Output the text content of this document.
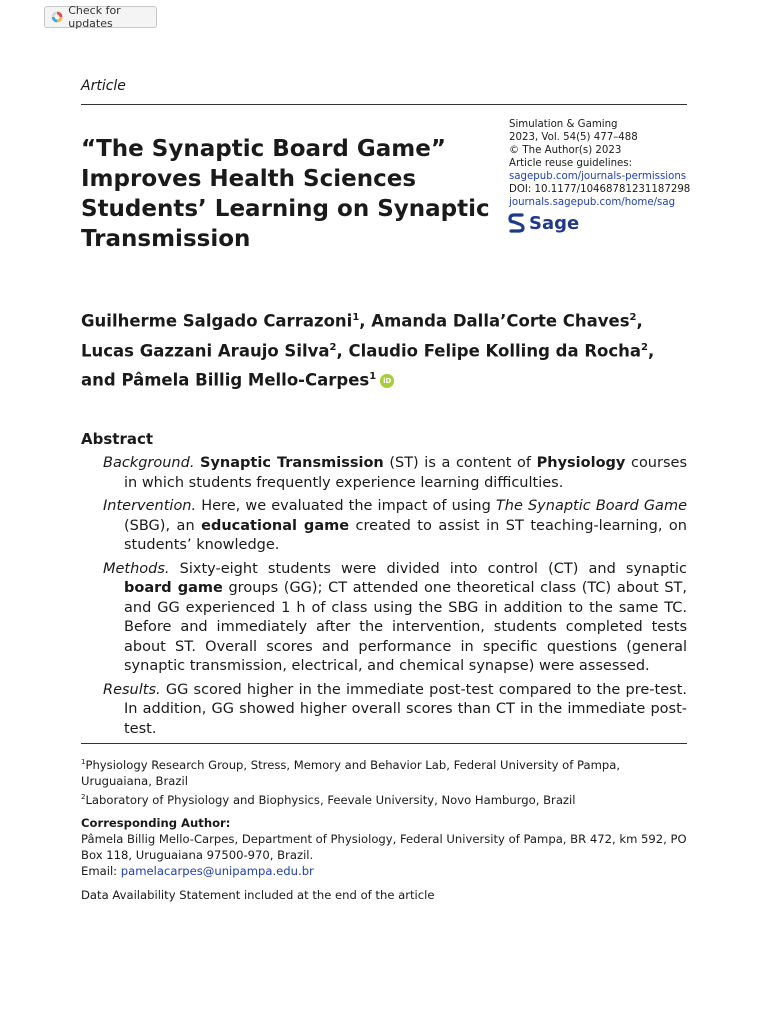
Check for updates
Article
“The Synaptic Board Game” Improves Health Sciences Students’ Learning on Synaptic Transmission
Simulation & Gaming
2023, Vol. 54(5) 477–488
© The Author(s) 2023
Article reuse guidelines:
sagepub.com/journals-permissions
DOI: 10.1177/10468781231187298
journals.sagepub.com/home/sag
Sage
Guilherme Salgado Carrazoni$^1$, Amanda Dalla’Corte Chaves$^2$,
Lucas Gazzani Araujo Silva$^2$, Claudio Felipe Kolling da Rocha$^2$,
and Pâmela Billig Mello-Carpes$^1$ iD
Abstract

Background. Synaptic Transmission (ST) is a content of Physiology courses in which students frequently experience learning difficulties.

Intervention. Here, we evaluated the impact of using The Synaptic Board Game (SBG), an educational game created to assist in ST teaching-learning, on students’ knowledge.

Methods. Sixty-eight students were divided into control (CT) and synaptic board game groups (GG); CT attended one theoretical class (TC) about ST, and GG experienced 1 h of class using the SBG in addition to the same TC. Before and immediately after the intervention, students completed tests about ST. Overall scores and performance in specific questions (general synaptic transmission, electrical, and chemical synapse) were assessed.

Results. GG scored higher in the immediate post-test compared to the pre-test. In addition, GG showed higher overall scores than CT in the immediate post-test.

$^1$Physiology Research Group, Stress, Memory and Behavior Lab, Federal University of Pampa, Uruguaiana, Brazil
$^2$Laboratory of Physiology and Biophysics, Feevale University, Novo Hamburgo, Brazil
Corresponding Author:
Pâmela Billig Mello-Carpes, Department of Physiology, Federal University of Pampa, BR 472, km 592, PO Box 118, Uruguaiana 97500-970, Brazil.
Email: pamelacarpes@unipampa.edu.br
Data Availability Statement included at the end of the article
